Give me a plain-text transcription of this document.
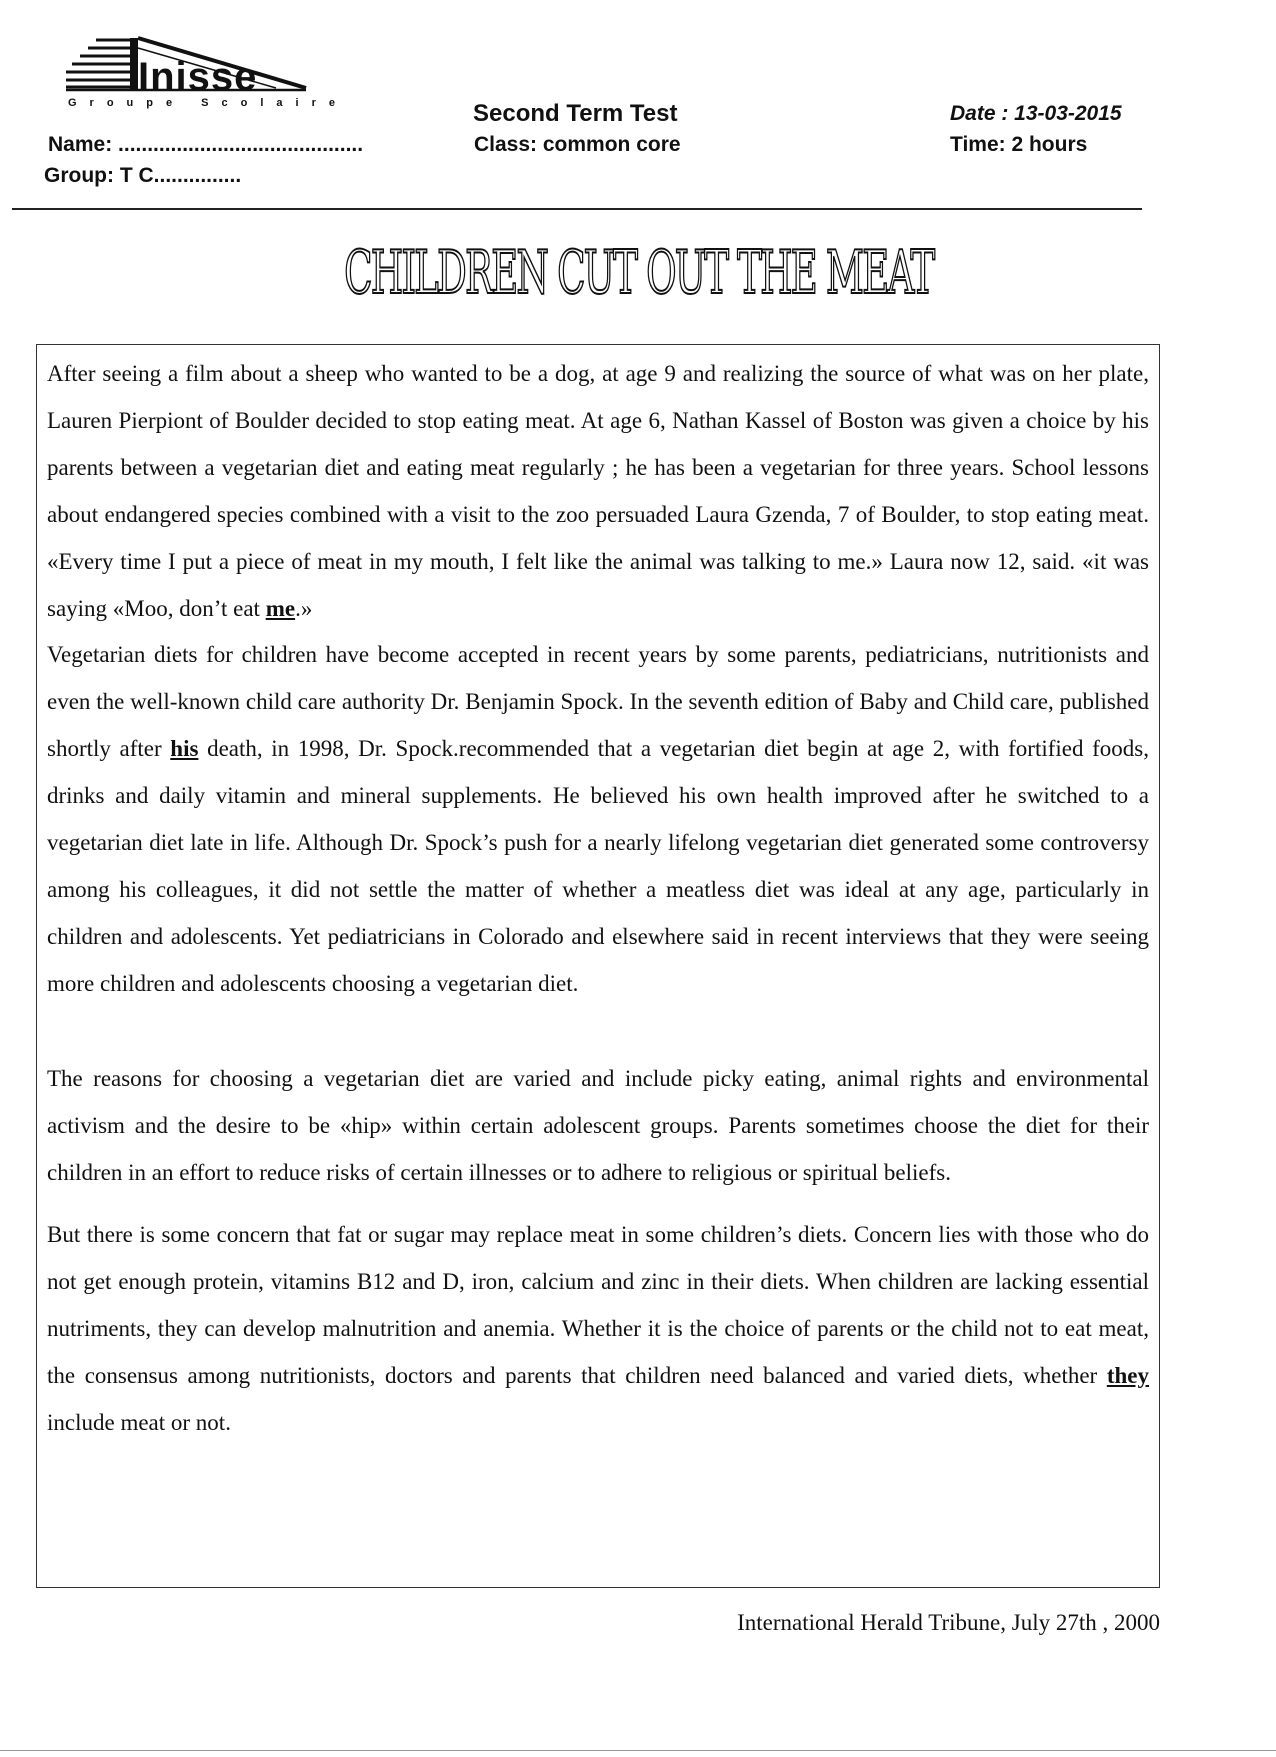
Inisse
Groupe Scolaire
Name: ..........................................
Group: T C...............
Second Term Test
Class: common core
Date : 13-03-2015
Time: 2 hours
CHILDREN CUT OUT THE MEAT

After seeing a film about a sheep who wanted to be a dog, at age 9 and realizing the source of what was on her plate, Lauren Pierpiont of Boulder decided to stop eating meat. At age 6, Nathan Kassel of Boston was given a choice by his parents between a vegetarian diet and eating meat regularly ; he has been a vegetarian for three years. School lessons about endangered species combined with a visit to the zoo persuaded Laura Gzenda, 7 of Boulder, to stop eating meat. «Every time I put a piece of meat in my mouth, I felt like the animal was talking to me.» Laura now 12, said. «it was saying «Moo, don’t eat me.»

Vegetarian diets for children have become accepted in recent years by some parents, pediatricians, nutritionists and even the well-known child care authority Dr. Benjamin Spock. In the seventh edition of Baby and Child care, published shortly after his death, in 1998, Dr. Spock.recommended that a vegetarian diet begin at age 2, with fortified foods, drinks and daily vitamin and mineral supplements. He believed his own health improved after he switched to a vegetarian diet late in life. Although Dr. Spock’s push for a nearly lifelong vegetarian diet generated some controversy among his colleagues, it did not settle the matter of whether a meatless diet was ideal at any age, particularly in children and adolescents. Yet pediatricians in Colorado and elsewhere said in recent interviews that they were seeing more children and adolescents choosing a vegetarian diet.

The reasons for choosing a vegetarian diet are varied and include picky eating, animal rights and environmental activism and the desire to be «hip» within certain adolescent groups. Parents sometimes choose the diet for their children in an effort to reduce risks of certain illnesses or to adhere to religious or spiritual beliefs.

But there is some concern that fat or sugar may replace meat in some children’s diets. Concern lies with those who do not get enough protein, vitamins B12 and D, iron, calcium and zinc in their diets. When children are lacking essential nutriments, they can develop malnutrition and anemia. Whether it is the choice of parents or the child not to eat meat, the consensus among nutritionists, doctors and parents that children need balanced and varied diets, whether they include meat or not.

International Herald Tribune, July 27th , 2000
